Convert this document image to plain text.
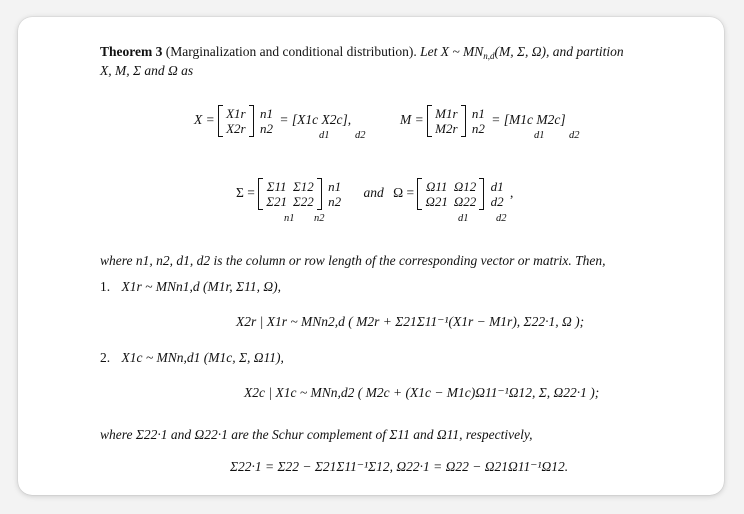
Theorem 3 (Marginalization and conditional distribution). Let X ~ $MN_{n,d}(M$, Σ, Ω), and partition
X, M, Σ and Ω as
X = X1r
X2r

n1
n2
= [X1c X2c],
d1 d2
M = M1r
M2r

n1
n2
= [M1c M2c]
d1 d2
Σ = Σ11	Σ12
Σ21	Σ22

n1
n2
and Ω = Ω11	Ω12
Ω21	Ω22

d1
d2
,
n1 n2	d1	d2
where n1, n2, d1, d2 is the column or row length of the corresponding vector or matrix. Then,
1. X1r ~ MNn1,d (M1r, Σ11, Ω),
X2r | X1r ~ MNn2,d ( M2r + Σ21Σ11⁻¹(X1r − M1r), Σ22·1, Ω );
2. X1c ~ MNn,d1 (M1c, Σ, Ω11),
X2c | X1c ~ MNn,d2 ( M2c + (X1c − M1c)Ω11⁻¹Ω12, Σ, Ω22·1 );
where Σ22·1 and Ω22·1 are the Schur complement of Σ11 and Ω11, respectively,
Σ22·1 = Σ22 − Σ21Σ11⁻¹Σ12, Ω22·1 = Ω22 − Ω21Ω11⁻¹Ω12.
